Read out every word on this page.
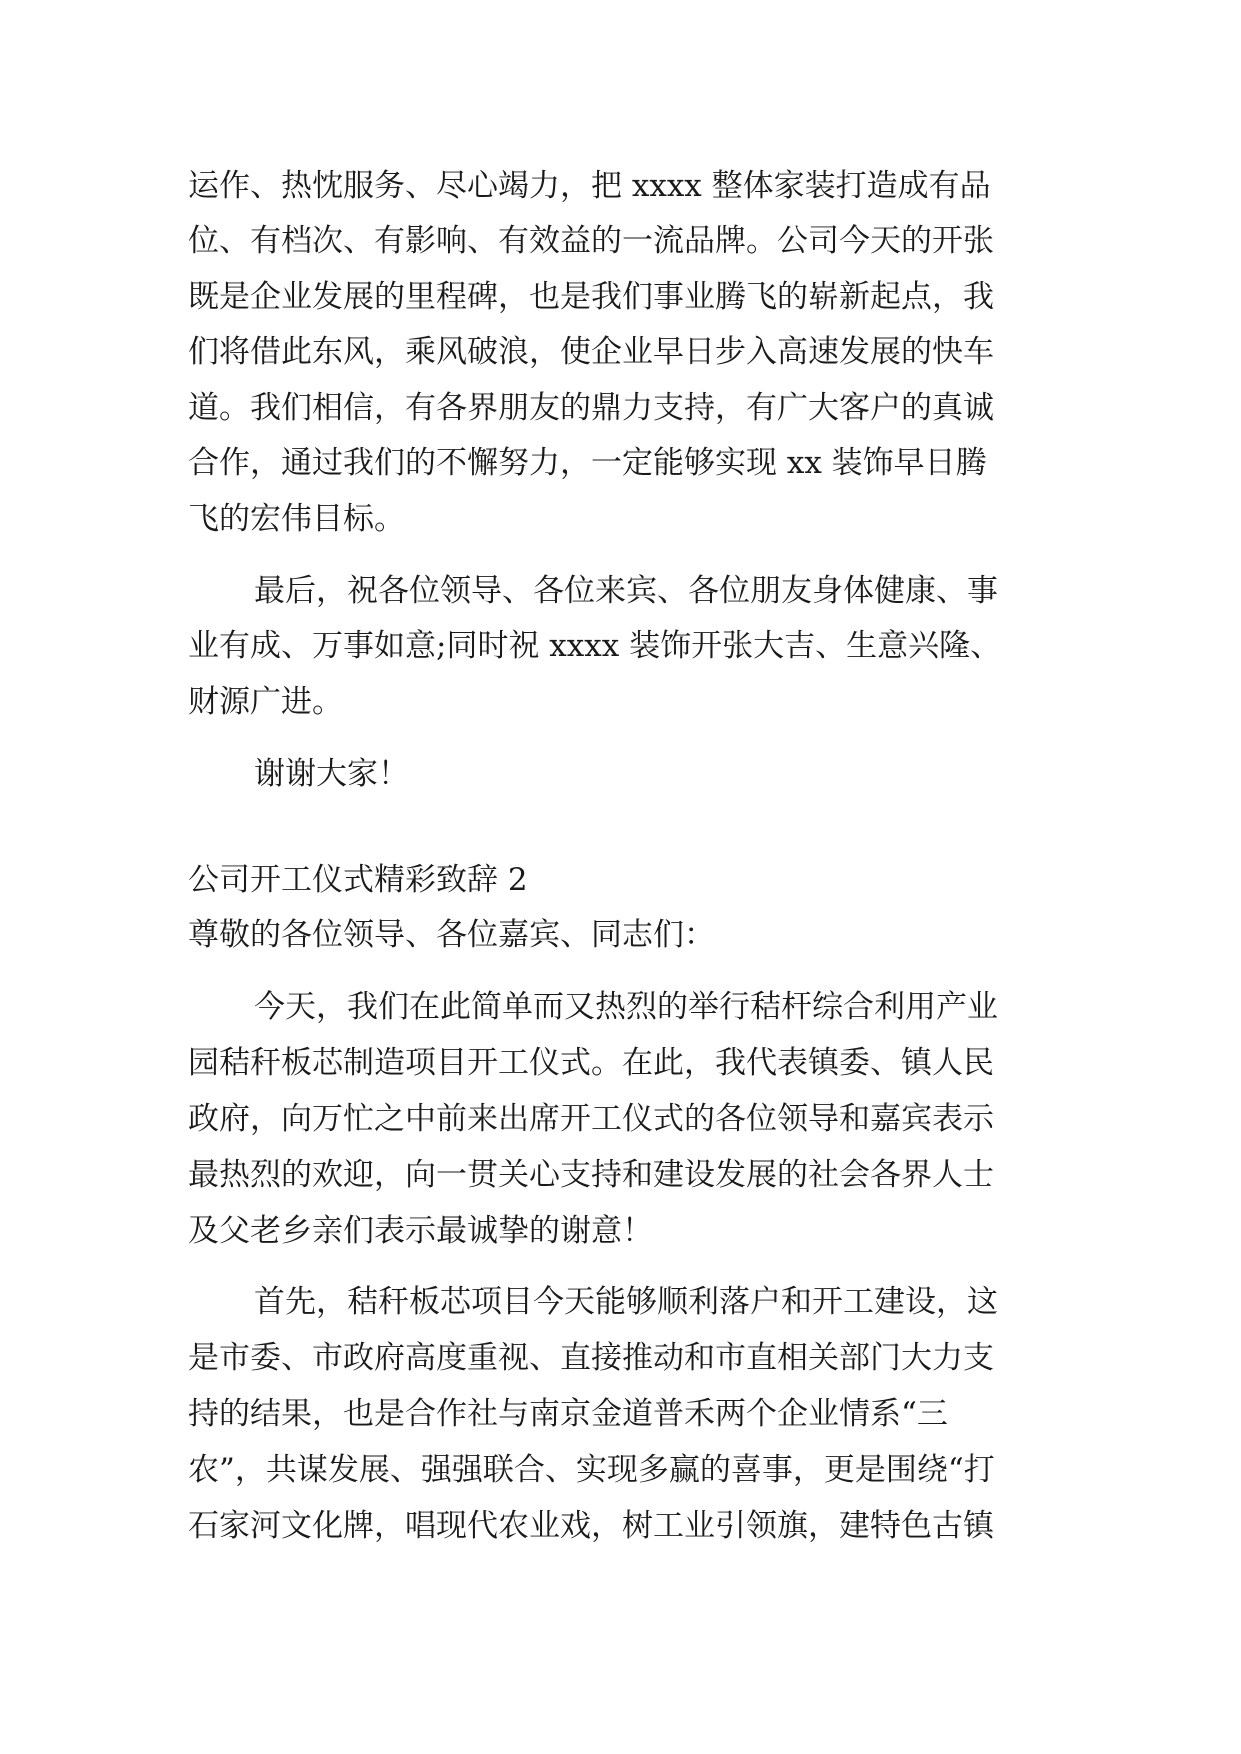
运作、热忱服务、尽心竭力，把 xxxx 整体家装打造成有品
位、有档次、有影响、有效益的一流品牌。公司今天的开张
既是企业发展的里程碑，也是我们事业腾飞的崭新起点，我
们将借此东风，乘风破浪，使企业早日步入高速发展的快车
道。我们相信，有各界朋友的鼎力支持，有广大客户的真诚
合作，通过我们的不懈努力，一定能够实现 xx 装饰早日腾
飞的宏伟目标。
最后，祝各位领导、各位来宾、各位朋友身体健康、事
业有成、万事如意;同时祝 xxxx 装饰开张大吉、生意兴隆、
财源广进。
谢谢大家！
公司开工仪式精彩致辞 2
尊敬的各位领导、各位嘉宾、同志们：
今天，我们在此简单而又热烈的举行秸杆综合利用产业
园秸秆板芯制造项目开工仪式。在此，我代表镇委、镇人民
政府，向万忙之中前来出席开工仪式的各位领导和嘉宾表示
最热烈的欢迎，向一贯关心支持和建设发展的社会各界人士
及父老乡亲们表示最诚挚的谢意！
首先，秸秆板芯项目今天能够顺利落户和开工建设，这
是市委、市政府高度重视、直接推动和市直相关部门大力支
持的结果，也是合作社与南京金道普禾两个企业情系“三
农”，共谋发展、强强联合、实现多赢的喜事，更是围绕“打
石家河文化牌，唱现代农业戏，树工业引领旗，建特色古镇
